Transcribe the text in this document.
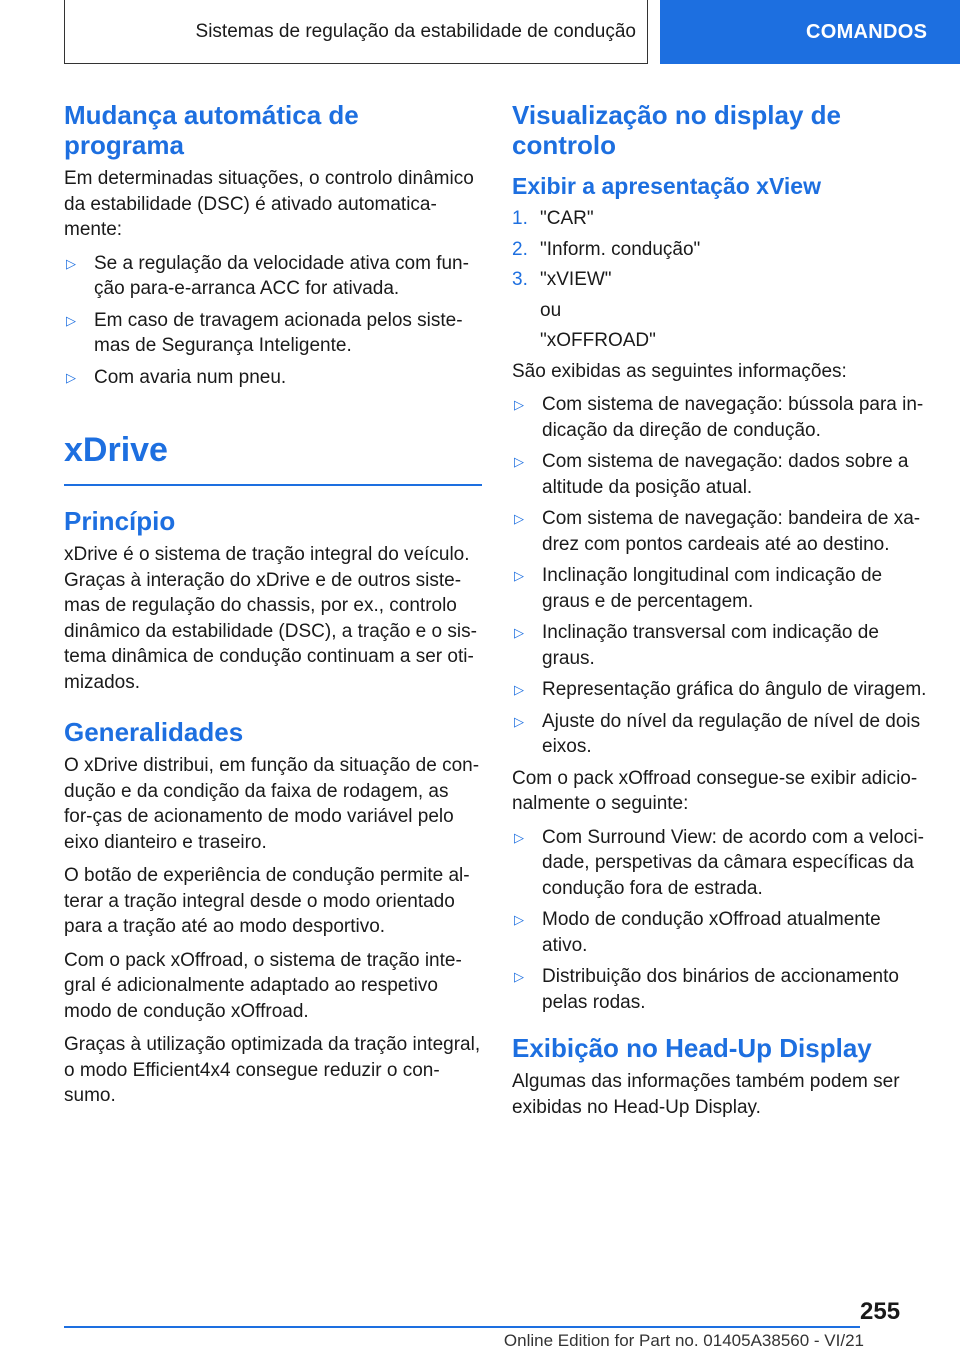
Sistemas de regulação da estabilidade de condução	COMANDOS
Mudança automática de programa

Em determinadas situações, o controlo dinâmico da estabilidade (DSC) é ativado automatica-mente:

▷ Se a regulação da velocidade ativa com fun-ção para-e-arranca ACC for ativada.
▷ Em caso de travagem acionada pelos siste-mas de Segurança Inteligente.
▷ Com avaria num pneu.
xDrive
Princípio

xDrive é o sistema de tração integral do veículo. Graças à interação do xDrive e de outros siste-mas de regulação do chassis, por ex., controlo dinâmico da estabilidade (DSC), a tração e o sis-tema dinâmica de condução continuam a ser oti-mizados.

Generalidades

O xDrive distribui, em função da situação de con-dução e da condição da faixa de rodagem, as for-ças de acionamento de modo variável pelo eixo dianteiro e traseiro.

O botão de experiência de condução permite al-terar a tração integral desde o modo orientado para a tração até ao modo desportivo.

Com o pack xOffroad, o sistema de tração inte-gral é adicionalmente adaptado ao respetivo modo de condução xOffroad.

Graças à utilização optimizada da tração integral, o modo Efficient4x4 consegue reduzir o con-sumo.

Visualização no display de controlo
Exibir a apresentação xView
1. "CAR"
2. "Inform. condução"
3. "xVIEW"
ou
"xOFFROAD"

São exibidas as seguintes informações:

▷ Com sistema de navegação: bússola para in-dicação da direção de condução.
▷ Com sistema de navegação: dados sobre a altitude da posição atual.
▷ Com sistema de navegação: bandeira de xa-drez com pontos cardeais até ao destino.
▷ Inclinação longitudinal com indicação de graus e de percentagem.
▷ Inclinação transversal com indicação de graus.
▷ Representação gráfica do ângulo de viragem.
▷ Ajuste do nível da regulação de nível de dois eixos.

Com o pack xOffroad consegue-se exibir adicio-nalmente o seguinte:

▷ Com Surround View: de acordo com a veloci-dade, perspetivas da câmara específicas da condução fora de estrada.
▷ Modo de condução xOffroad atualmente ativo.
▷ Distribuição dos binários de accionamento pelas rodas.
Exibição no Head-Up Display

Algumas das informações também podem ser exibidas no Head-Up Display.

255
Online Edition for Part no. 01405A38560 - VI/21
